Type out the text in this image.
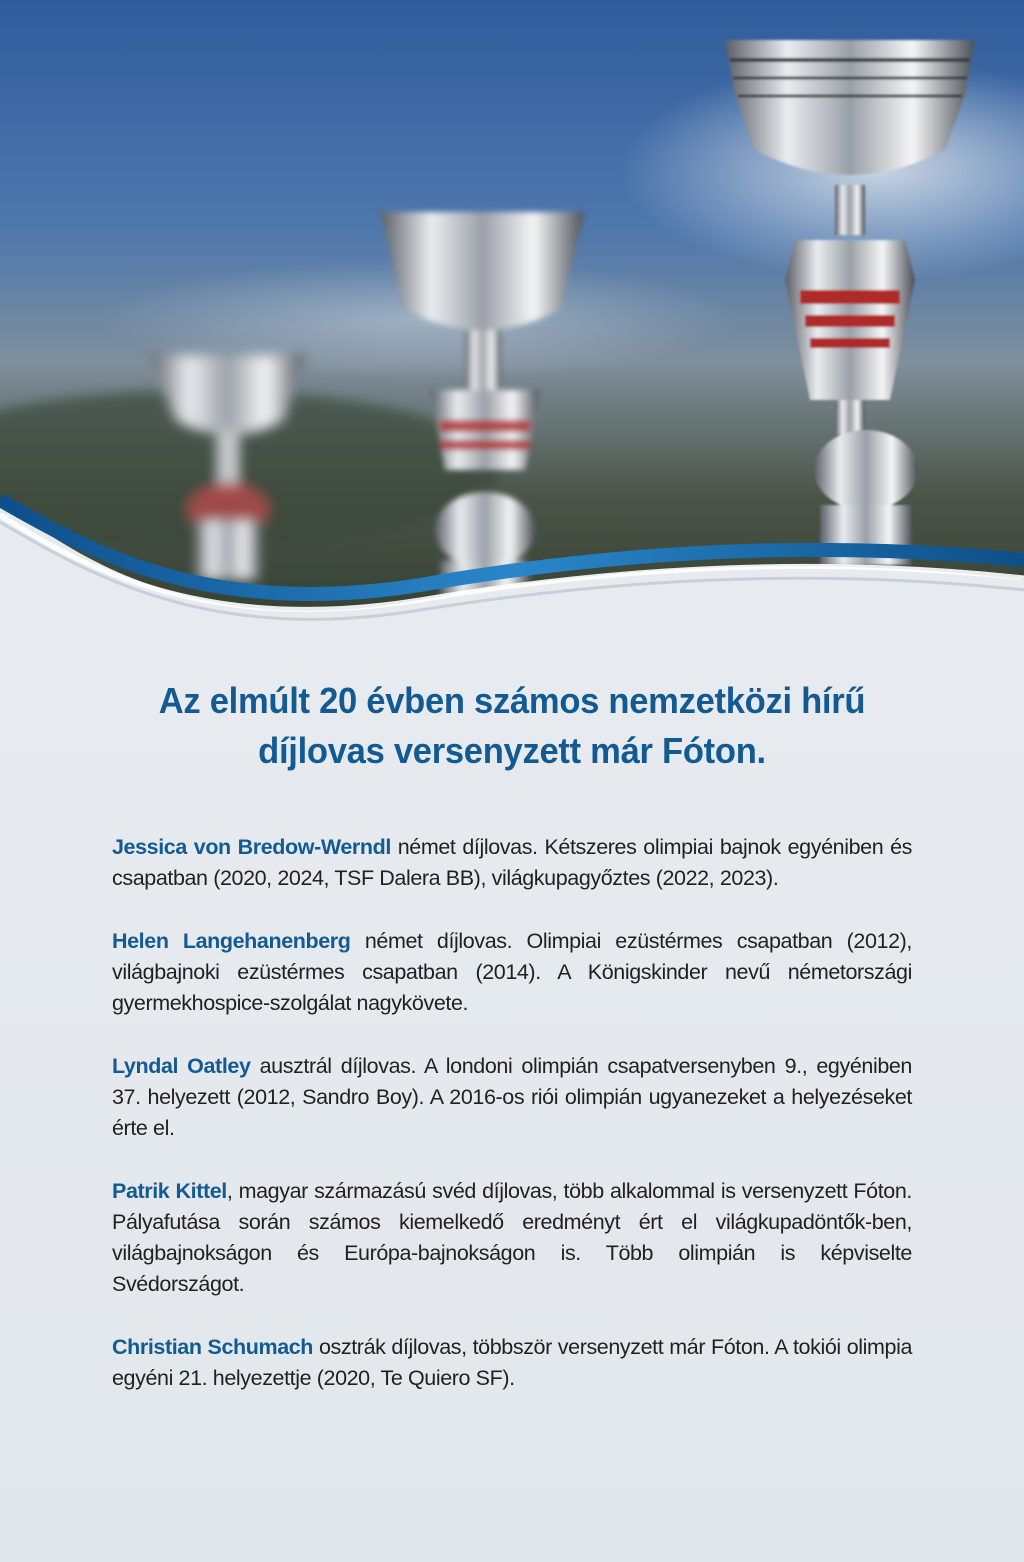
Az elmúlt 20 évben számos nemzetközi hírű
díjlovas versenyzett már Fóton.

Jessica von Bredow-Werndl német díjlovas. Kétszeres olimpiai bajnok egyéniben és csapatban (2020, 2024, TSF Dalera BB), világkupagyőztes (2022, 2023).

Helen Langehanenberg német díjlovas. Olimpiai ezüstérmes csapatban (2012), világbajnoki ezüstérmes csapatban (2014). A Königskinder nevű németországi gyermekhospice-szolgálat nagykövete.

Lyndal Oatley ausztrál díjlovas. A londoni olimpián csapatversenyben 9., egyéniben 37. helyezett (2012, Sandro Boy). A 2016-os riói olimpián ugyanezeket a helyezéseket érte el.

Patrik Kittel, magyar származású svéd díjlovas, több alkalommal is versenyzett Fóton. Pályafutása során számos kiemelkedő eredményt ért el világkupadöntők-ben, világbajnokságon és Európa-bajnokságon is. Több olimpián is képviselte Svédországot.

Christian Schumach osztrák díjlovas, többször versenyzett már Fóton. A tokiói olimpia egyéni 21. helyezettje (2020, Te Quiero SF).
